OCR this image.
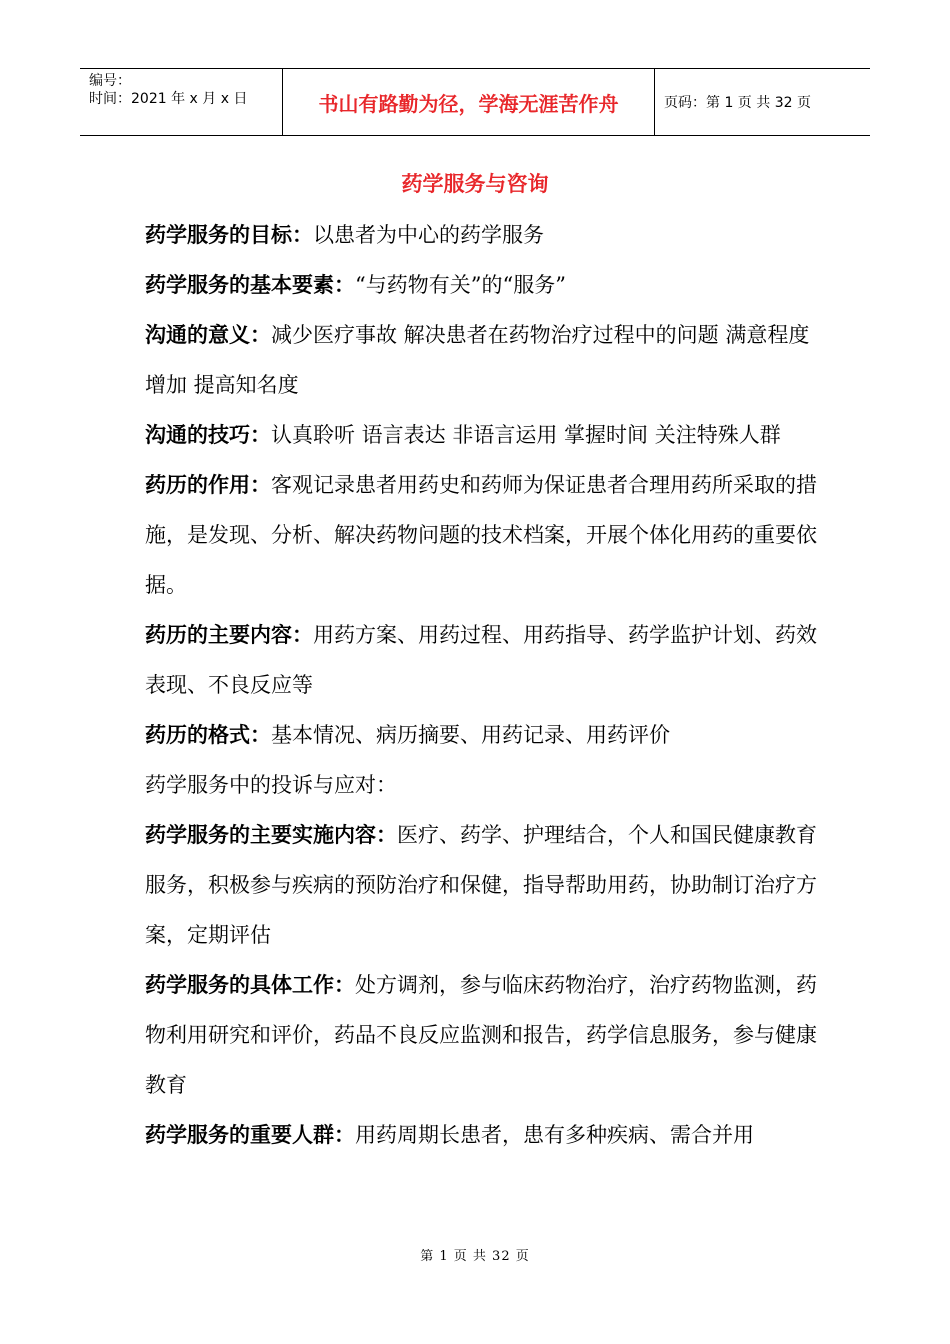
编号：
时间：2021 年 x 月 x 日	书山有路勤为径，学海无涯苦作舟	页码：第 1 页 共 32 页
药学服务与咨询

药学服务的目标：以患者为中心的药学服务

药学服务的基本要素：“与药物有关”的“服务”

沟通的意义：减少医疗事故 解决患者在药物治疗过程中的问题 满意程度增加 提高知名度

沟通的技巧：认真聆听 语言表达 非语言运用 掌握时间 关注特殊人群

药历的作用：客观记录患者用药史和药师为保证患者合理用药所采取的措施，是发现、分析、解决药物问题的技术档案，开展个体化用药的重要依据。

药历的主要内容：用药方案、用药过程、用药指导、药学监护计划、药效表现、不良反应等

药历的格式：基本情况、病历摘要、用药记录、用药评价

药学服务中的投诉与应对：

药学服务的主要实施内容：医疗、药学、护理结合，个人和国民健康教育服务，积极参与疾病的预防治疗和保健，指导帮助用药，协助制订治疗方案，定期评估

药学服务的具体工作：处方调剂，参与临床药物治疗，治疗药物监测，药物利用研究和评价，药品不良反应监测和报告，药学信息服务，参与健康教育

药学服务的重要人群：用药周期长患者，患有多种疾病、需合并用

第 1 页 共 32 页
